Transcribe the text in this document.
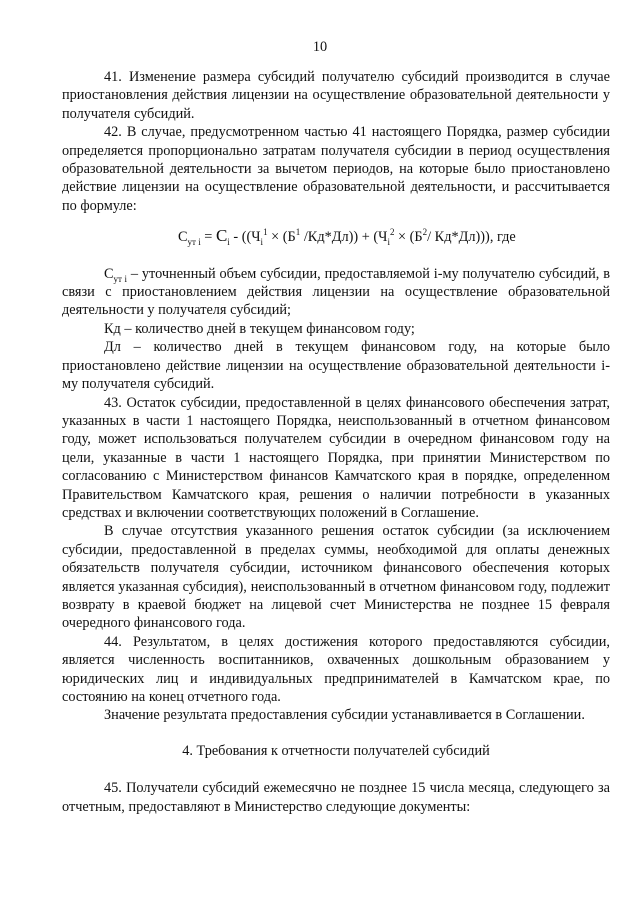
10

41. Изменение размера субсидий получателю субсидий производится в случае приостановления действия лицензии на осуществление образовательной деятельности у получателя субсидий.

42. В случае, предусмотренном частью 41 настоящего Порядка, размер субсидии определяется пропорционально затратам получателя субсидии в период осуществления образовательной деятельности за вычетом периодов, на которые было приостановлено действие лицензии на осуществление образовательной деятельности, и рассчитывается по формуле:

$С_{ут i} = С_i - ((Ч_i^1 \times (Б^1$ $/Кд*Дл)) + (Ч_i^2 \times (Б^2/$ Кд*Дл))), где

$С_{ут i}$ – уточненный объем субсидии, предоставляемой i-му получателю субсидий, в связи с приостановлением действия лицензии на осуществление образовательной деятельности у получателя субсидий;

Кд – количество дней в текущем финансовом году;

Дл – количество дней в текущем финансовом году, на которые было приостановлено действие лицензии на осуществление образовательной деятельности i-му получателя субсидий.

43. Остаток субсидии, предоставленной в целях финансового обеспечения затрат, указанных в части 1 настоящего Порядка, неиспользованный в отчетном финансовом году, может использоваться получателем субсидии в очередном финансовом году на цели, указанные в части 1 настоящего Порядка, при принятии Министерством по согласованию с Министерством финансов Камчатского края в порядке, определенном Правительством Камчатского края, решения о наличии потребности в указанных средствах и включении соответствующих положений в Соглашение.

В случае отсутствия указанного решения остаток субсидии (за исключением субсидии, предоставленной в пределах суммы, необходимой для оплаты денежных обязательств получателя субсидии, источником финансового обеспечения которых является указанная субсидия), неиспользованный в отчетном финансовом году, подлежит возврату в краевой бюджет на лицевой счет Министерства не позднее 15 февраля очередного финансового года.

44. Результатом, в целях достижения которого предоставляются субсидии, является численность воспитанников, охваченных дошкольным образованием у юридических лиц и индивидуальных предпринимателей в Камчатском крае, по состоянию на конец отчетного года.

Значение результата предоставления субсидии устанавливается в Соглашении.

4. Требования к отчетности получателей субсидий

45. Получатели субсидий ежемесячно не позднее 15 числа месяца, следующего за отчетным, предоставляют в Министерство следующие документы:
